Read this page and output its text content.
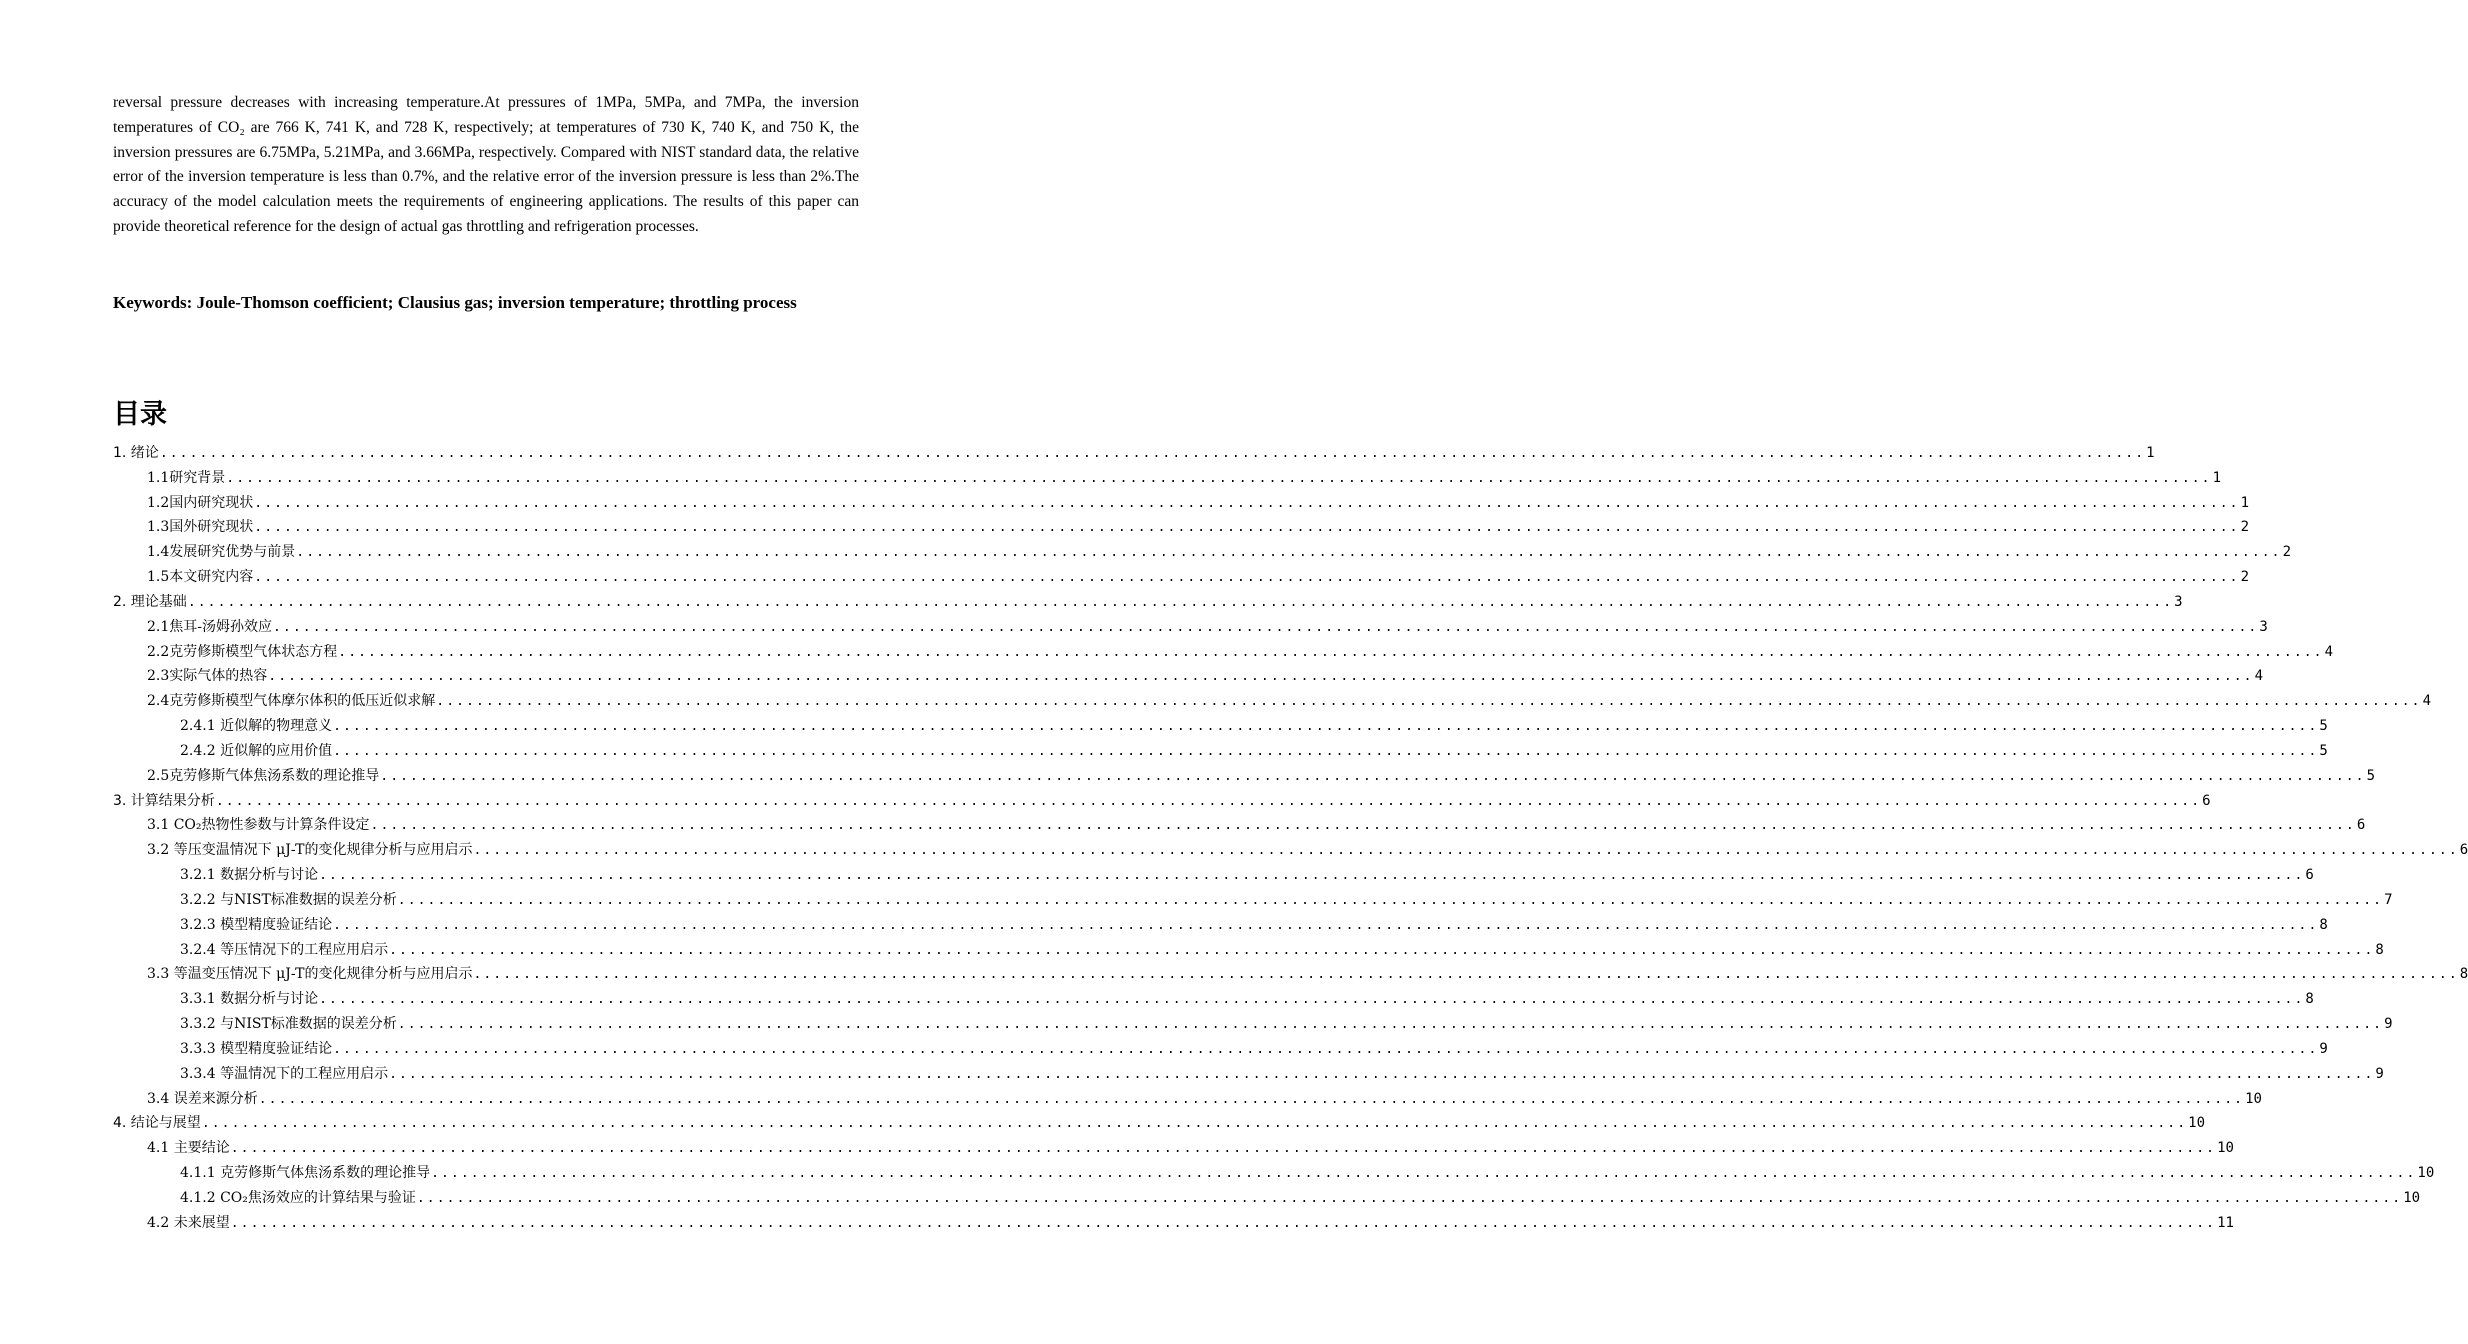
reversal pressure decreases with increasing temperature.At pressures of 1MPa, 5MPa, and 7MPa, the inversion temperatures of CO₂ are 766 K, 741 K, and 728 K, respectively; at temperatures of 730 K, 740 K, and 750 K, the inversion pressures are 6.75MPa, 5.21MPa, and 3.66MPa, respectively. Compared with NIST standard data, the relative error of the inversion temperature is less than 0.7%, and the relative error of the inversion pressure is less than 2%.The accuracy of the model calculation meets the requirements of engineering applications. The results of this paper can provide theoretical reference for the design of actual gas throttling and refrigeration processes.

Keywords: Joule-Thomson coefficient; Clausius gas; inversion temperature; throttling process

目录
1. 绪论 ........................................................................................................................................................................................................ 1
1.1研究背景 ........................................................................................................................................................................................................ 1
1.2国内研究现状 ........................................................................................................................................................................................................ 1
1.3国外研究现状 ........................................................................................................................................................................................................ 2
1.4发展研究优势与前景 ........................................................................................................................................................................................................ 2
1.5本文研究内容 ........................................................................................................................................................................................................ 2
2. 理论基础 ........................................................................................................................................................................................................ 3
2.1焦耳-汤姆孙效应 ........................................................................................................................................................................................................ 3
2.2克劳修斯模型气体状态方程 ........................................................................................................................................................................................................ 4
2.3实际气体的热容 ........................................................................................................................................................................................................ 4
2.4克劳修斯模型气体摩尔体积的低压近似求解 ........................................................................................................................................................................................................ 4
2.4.1 近似解的物理意义 ........................................................................................................................................................................................................ 5
2.4.2 近似解的应用价值 ........................................................................................................................................................................................................ 5
2.5克劳修斯气体焦汤系数的理论推导 ........................................................................................................................................................................................................ 5
3. 计算结果分析 ........................................................................................................................................................................................................ 6
3.1 CO₂热物性参数与计算条件设定 ........................................................................................................................................................................................................ 6
3.2 等压变温情况下 μJ-T的变化规律分析与应用启示 ........................................................................................................................................................................................................ 6
3.2.1 数据分析与讨论 ........................................................................................................................................................................................................ 6
3.2.2 与NIST标准数据的误差分析 ........................................................................................................................................................................................................ 7
3.2.3 模型精度验证结论 ........................................................................................................................................................................................................ 8
3.2.4 等压情况下的工程应用启示 ........................................................................................................................................................................................................ 8
3.3 等温变压情况下 μJ-T的变化规律分析与应用启示 ........................................................................................................................................................................................................ 8
3.3.1 数据分析与讨论 ........................................................................................................................................................................................................ 8
3.3.2 与NIST标准数据的误差分析 ........................................................................................................................................................................................................ 9
3.3.3 模型精度验证结论 ........................................................................................................................................................................................................ 9
3.3.4 等温情况下的工程应用启示 ........................................................................................................................................................................................................ 9
3.4 误差来源分析 ........................................................................................................................................................................................................ 10
4. 结论与展望 ........................................................................................................................................................................................................ 10
4.1 主要结论 ........................................................................................................................................................................................................ 10
4.1.1 克劳修斯气体焦汤系数的理论推导 ........................................................................................................................................................................................................ 10
4.1.2 CO₂焦汤效应的计算结果与验证 ........................................................................................................................................................................................................ 10
4.2 未来展望 ........................................................................................................................................................................................................ 11
